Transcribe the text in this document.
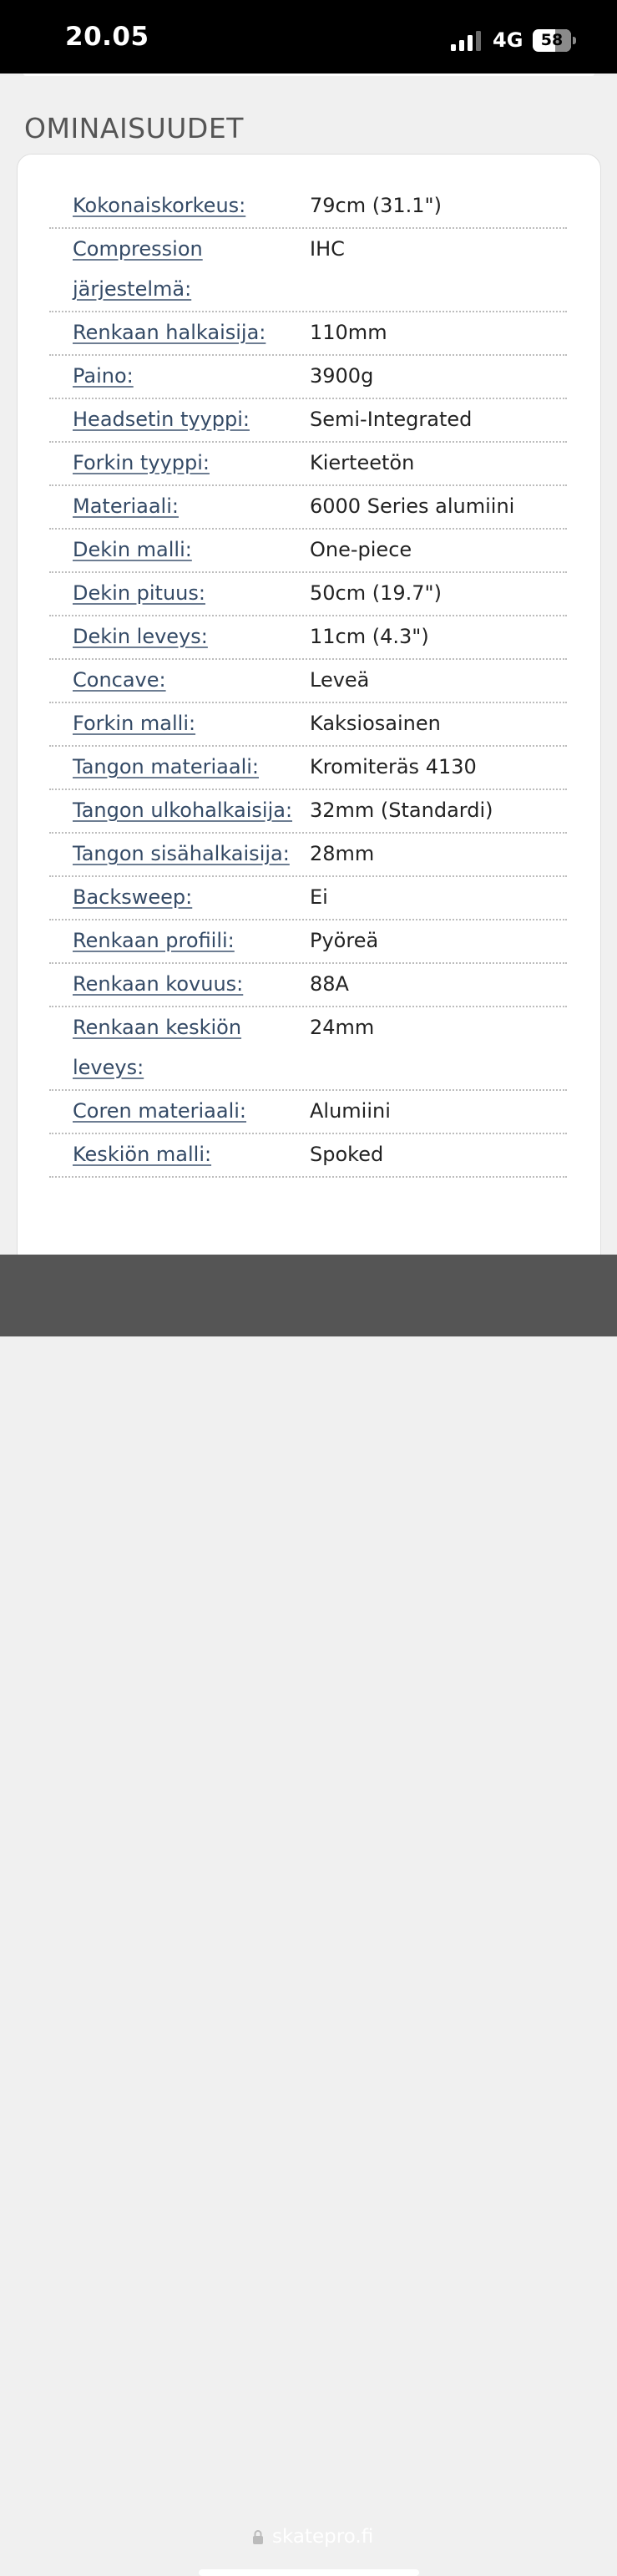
20.05	4G	58
OMINAISUUDET
Kokonaiskorkeus:	79cm (31.1")
Compression järjestelmä:
IHC
Renkaan halkaisija:	110mm
Paino:	3900g
Headsetin tyyppi:	Semi-Integrated
Forkin tyyppi:	Kierteetön
Materiaali:	6000 Series alumiini
Dekin malli:	One-piece
Dekin pituus:	50cm (19.7")
Dekin leveys:	11cm (4.3")
Concave:	Leveä
Forkin malli:	Kaksiosainen
Tangon materiaali:	Kromiteräs 4130
Tangon ulkohalkaisija: 32mm (Standardi)
Tangon sisähalkaisija:	28mm
Backsweep:	Ei
Renkaan profiili:	Pyöreä
Renkaan kovuus:	88A
Renkaan keskiön leveys:
24mm
Coren materiaali:	Alumiini
Keskiön malli:	Spoked
skatepro.fi
